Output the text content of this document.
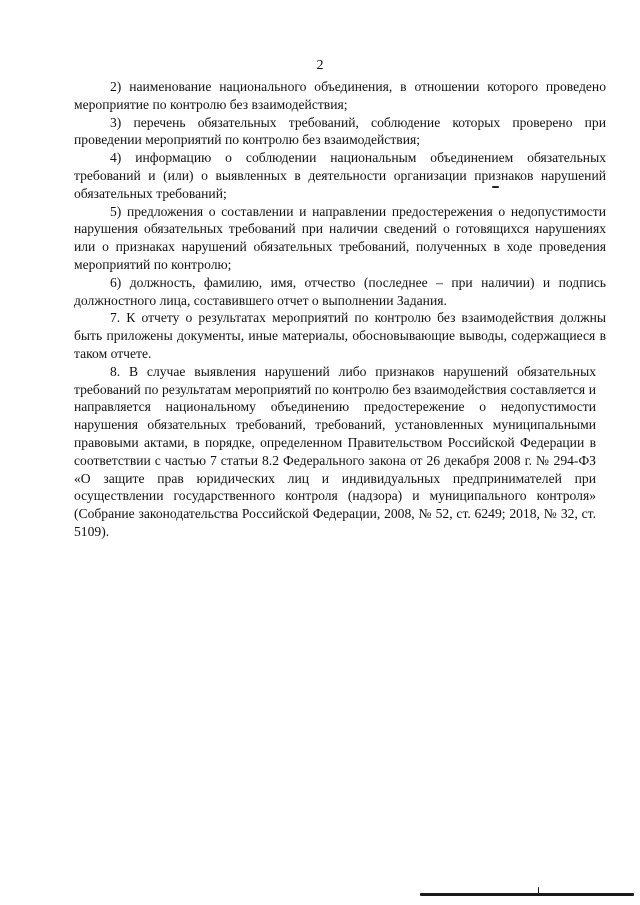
2

2) наименование национального объединения, в отношении которого проведено мероприятие по контролю без взаимодействия;

3) перечень обязательных требований, соблюдение которых проверено при проведении мероприятий по контролю без взаимодействия;

4) информацию о соблюдении национальным объединением обязательных требований и (или) о выявленных в деятельности организации признаков нарушений обязательных требований;

5) предложения о составлении и направлении предостережения о недопустимости нарушения обязательных требований при наличии сведений о готовящихся нарушениях или о признаках нарушений обязательных требований, полученных в ходе проведения мероприятий по контролю;

6) должность, фамилию, имя, отчество (последнее – при наличии) и подпись должностного лица, составившего отчет о выполнении Задания.

7. К отчету о результатах мероприятий по контролю без взаимодействия должны быть приложены документы, иные материалы, обосновывающие выводы, содержащиеся в таком отчете.

8. В случае выявления нарушений либо признаков нарушений обязательных требований по результатам мероприятий по контролю без взаимодействия составляется и направляется национальному объединению предостережение о недопустимости нарушения обязательных требований, требований, установленных муниципальными правовыми актами, в порядке, определенном Правительством Российской Федерации в соответствии с частью 7 статьи 8.2 Федерального закона от 26 декабря 2008 г. № 294-ФЗ «О защите прав юридических лиц и индивидуальных предпринимателей при осуществлении государственного контроля (надзора) и муниципального контроля» (Собрание законодательства Российской Федерации, 2008, № 52, ст. 6249; 2018, № 32, ст. 5109).
